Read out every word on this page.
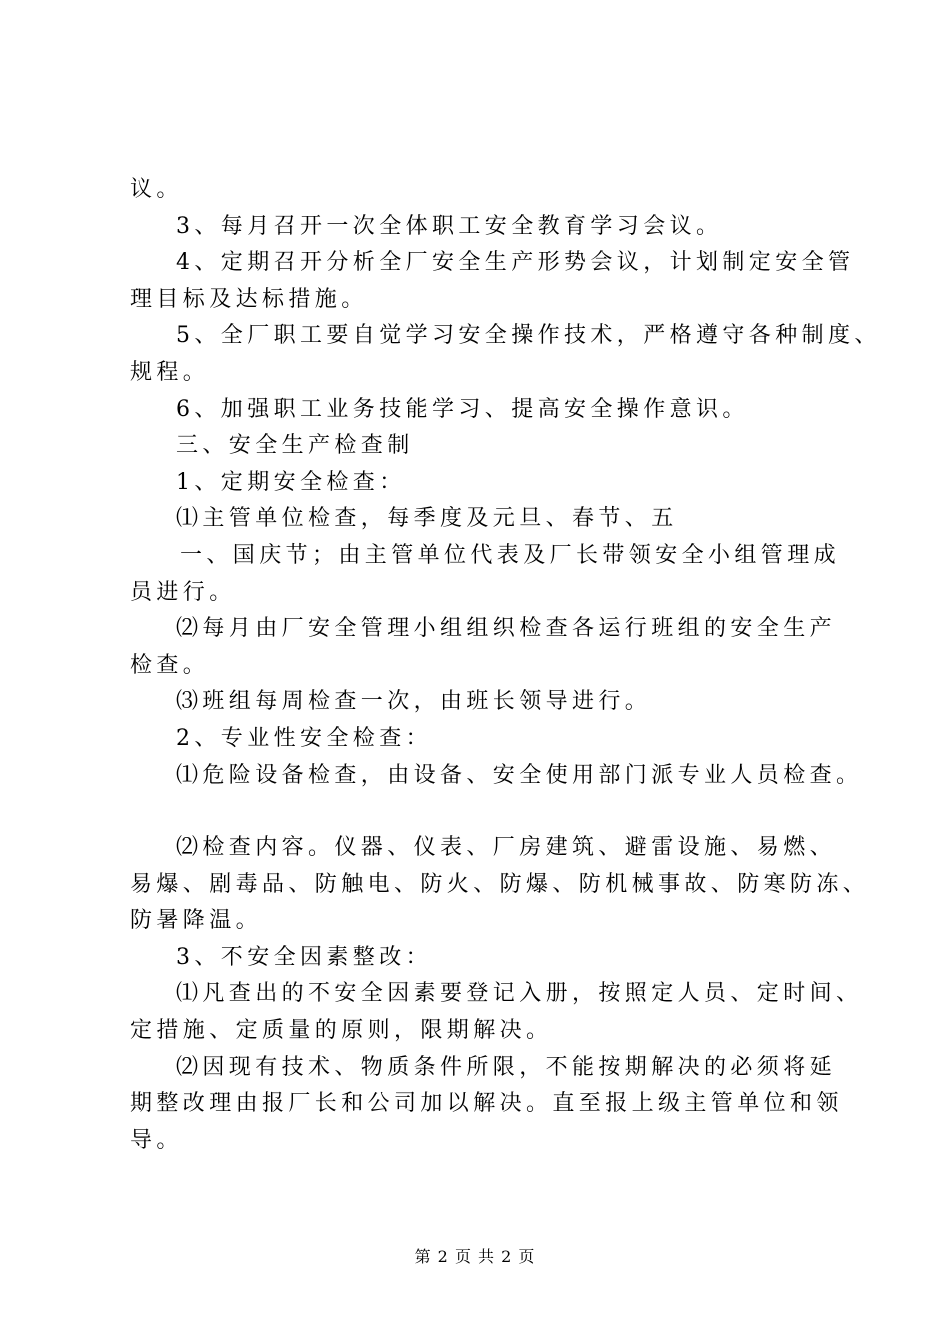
议。
3、每月召开一次全体职工安全教育学习会议。
4、定期召开分析全厂安全生产形势会议，计划制定安全管
理目标及达标措施。
5、全厂职工要自觉学习安全操作技术，严格遵守各种制度、
规程。
6、加强职工业务技能学习、提高安全操作意识。
三、安全生产检查制
1、定期安全检查：
⑴主管单位检查，每季度及元旦、春节、五
一、国庆节；由主管单位代表及厂长带领安全小组管理成
员进行。
⑵每月由厂安全管理小组组织检查各运行班组的安全生产
检查。
⑶班组每周检查一次，由班长领导进行。
2、专业性安全检查：
⑴危险设备检查，由设备、安全使用部门派专业人员检查。
⑵检查内容。仪器、仪表、厂房建筑、避雷设施、易燃、
易爆、剧毒品、防触电、防火、防爆、防机械事故、防寒防冻、
防暑降温。
3、不安全因素整改：
⑴凡查出的不安全因素要登记入册，按照定人员、定时间、
定措施、定质量的原则，限期解决。
⑵因现有技术、物质条件所限，不能按期解决的必须将延
期整改理由报厂长和公司加以解决。直至报上级主管单位和领
导。
第 2 页 共 2 页
